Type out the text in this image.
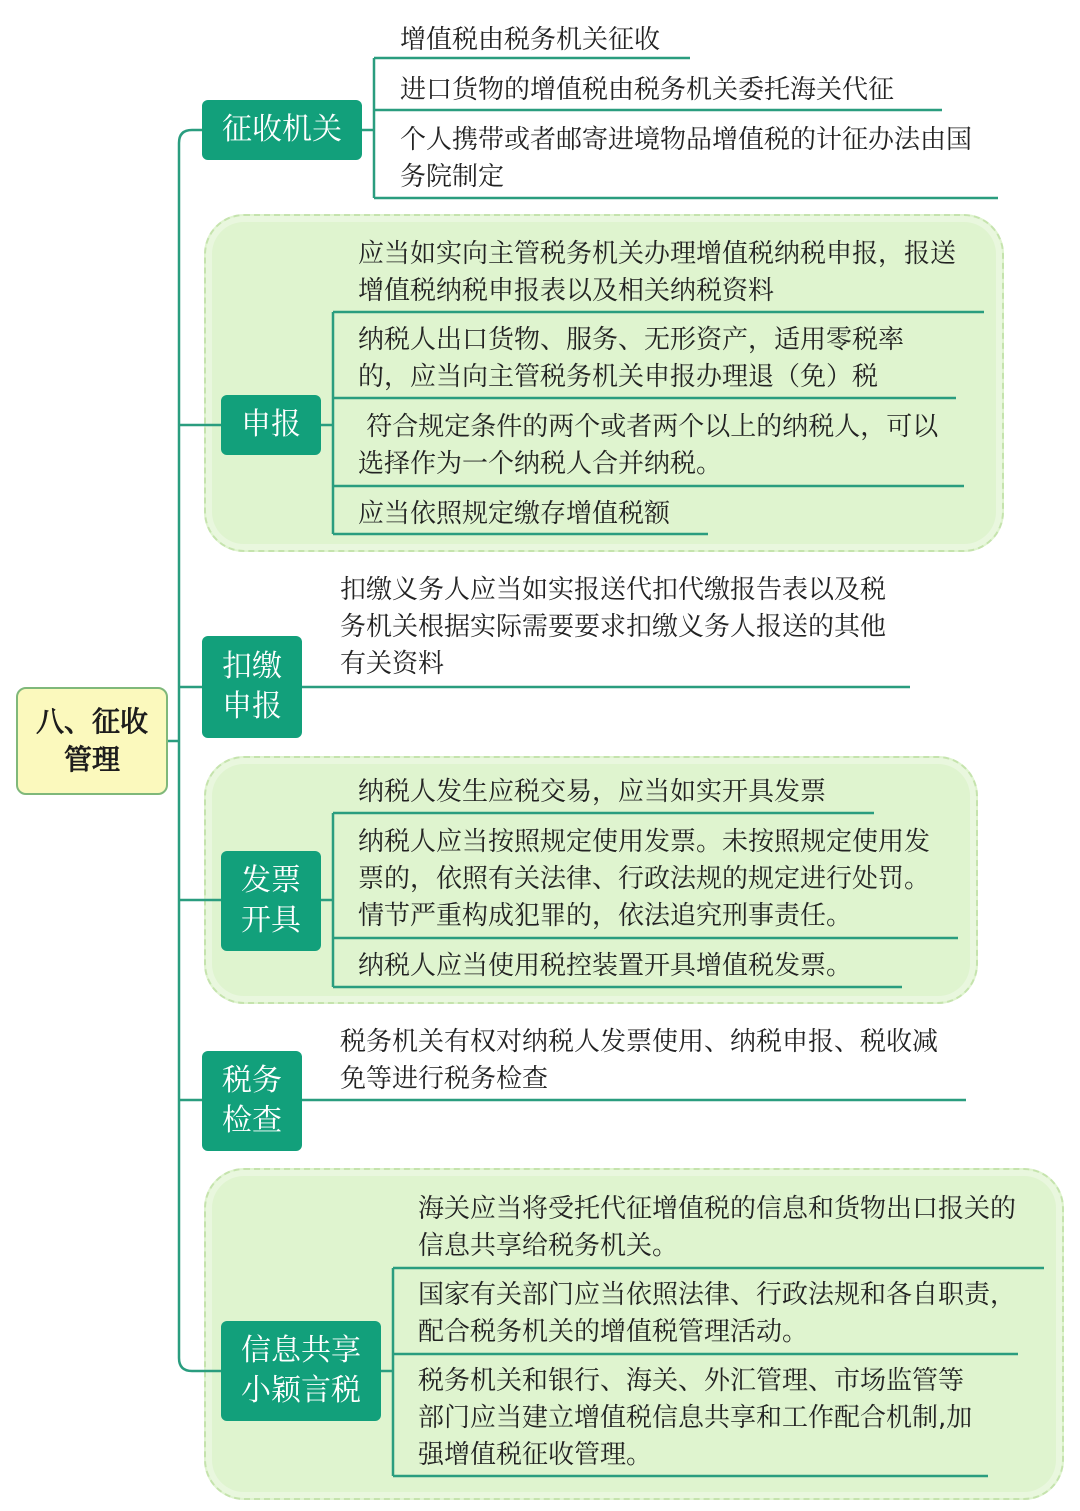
八、征收管理
征收机关
申报
扣缴申报
发票开具
税务检查
信息共享小颖言税

增值税由税务机关征收

进口货物的增值税由税务机关委托海关代征

个人携带或者邮寄进境物品增值税的计征办法由国务院制定

应当如实向主管税务机关办理增值税纳税申报，报送增值税纳税申报表以及相关纳税资料

纳税人出口货物、服务、无形资产，适用零税率的，应当向主管税务机关申报办理退（免）税

符合规定条件的两个或者两个以上的纳税人，可以选择作为一个纳税人合并纳税。

应当依照规定缴存增值税额

扣缴义务人应当如实报送代扣代缴报告表以及税务机关根据实际需要要求扣缴义务人报送的其他有关资料

纳税人发生应税交易，应当如实开具发票

纳税人应当按照规定使用发票。未按照规定使用发票的，依照有关法律、行政法规的规定进行处罚。情节严重构成犯罪的，依法追究刑事责任。

纳税人应当使用税控装置开具增值税发票。

税务机关有权对纳税人发票使用、纳税申报、税收减免等进行税务检查

海关应当将受托代征增值税的信息和货物出口报关的信息共享给税务机关。

国家有关部门应当依照法律、行政法规和各自职责，配合税务机关的增值税管理活动。

税务机关和银行、海关、外汇管理、市场监管等部门应当建立增值税信息共享和工作配合机制,加强增值税征收管理。
